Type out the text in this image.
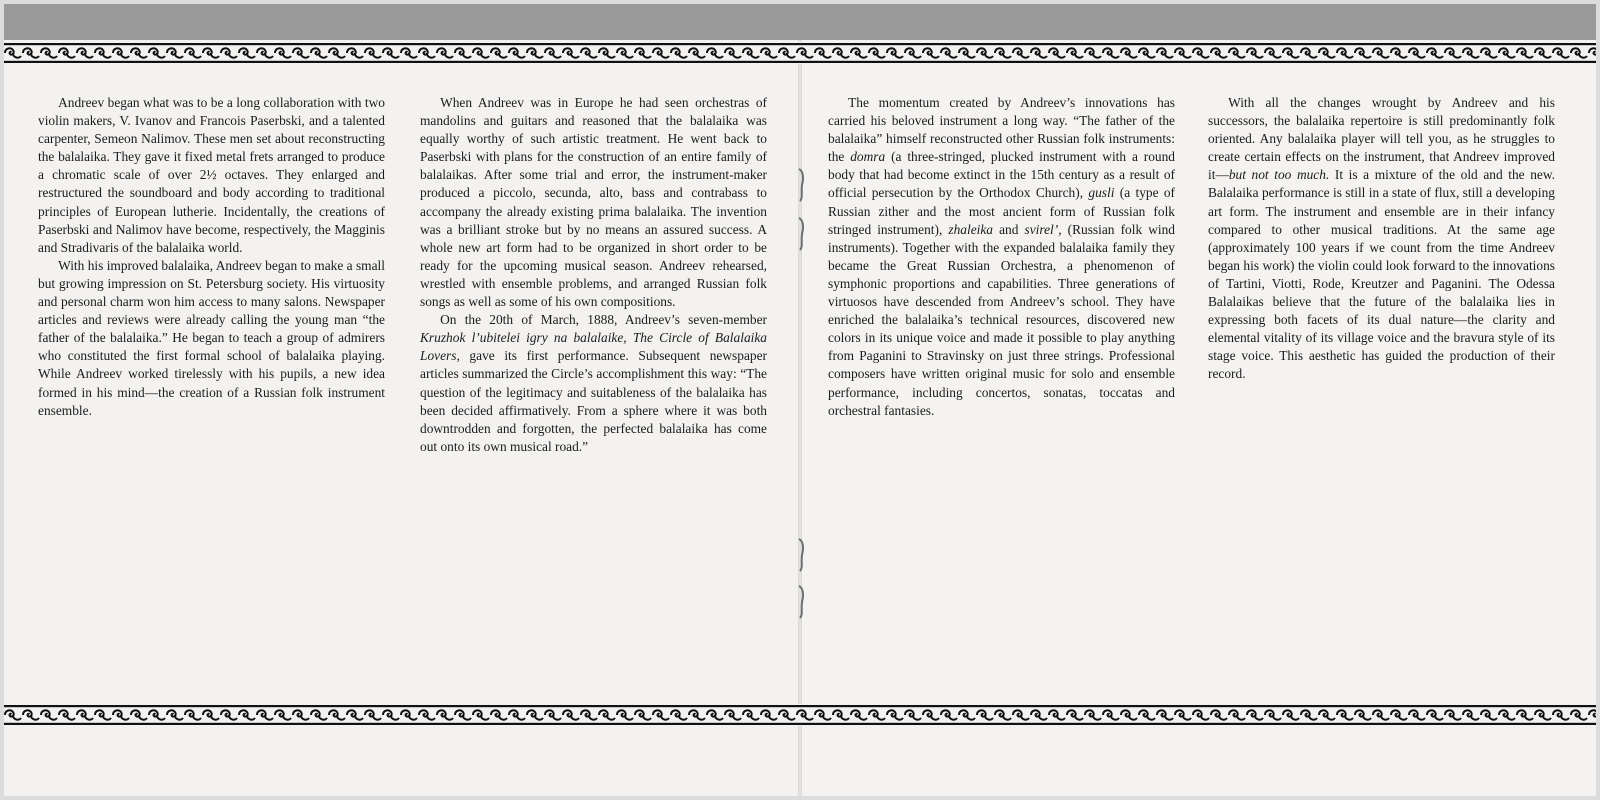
Andreev began what was to be a long collaboration with two violin makers, V. Ivanov and Francois Paserbski, and a talented carpenter, Semeon Nalimov. These men set about reconstructing the balalaika. They gave it fixed metal frets arranged to produce a chromatic scale of over 2½ octaves. They enlarged and restructured the soundboard and body according to traditional principles of European lutherie. Incidentally, the creations of Paserbski and Nalimov have become, respectively, the Magginis and Stradivaris of the balalaika world.

With his improved balalaika, Andreev began to make a small but growing impression on St. Petersburg society. His virtuosity and personal charm won him access to many salons. Newspaper articles and reviews were already calling the young man “the father of the balalaika.” He began to teach a group of admirers who constituted the first formal school of balalaika playing. While Andreev worked tirelessly with his pupils, a new idea formed in his mind—the creation of a Russian folk instrument ensemble.

When Andreev was in Europe he had seen orchestras of mandolins and guitars and reasoned that the balalaika was equally worthy of such artistic treatment. He went back to Paserbski with plans for the construction of an entire family of balalaikas. After some trial and error, the instrument-maker produced a piccolo, secunda, alto, bass and contrabass to accompany the already existing prima balalaika. The invention was a brilliant stroke but by no means an assured success. A whole new art form had to be organized in short order to be ready for the upcoming musical season. Andreev rehearsed, wrestled with ensemble problems, and arranged Russian folk songs as well as some of his own compositions.

On the 20th of March, 1888, Andreev’s seven-member Kruzhok l’ubitelei igry na balalaike, The Circle of Balalaika Lovers, gave its first performance. Subsequent newspaper articles summarized the Circle’s accomplishment this way: “The question of the legitimacy and suitableness of the balalaika has been decided affirmatively. From a sphere where it was both downtrodden and forgotten, the perfected balalaika has come out onto its own musical road.”

The momentum created by Andreev’s innovations has carried his beloved instrument a long way. “The father of the balalaika” himself reconstructed other Russian folk instruments: the domra (a three-stringed, plucked instrument with a round body that had become extinct in the 15th century as a result of official persecution by the Orthodox Church), gusli (a type of Russian zither and the most ancient form of Russian folk stringed instrument), zhaleika and svirel’, (Russian folk wind instruments). Together with the expanded balalaika family they became the Great Russian Orchestra, a phenomenon of symphonic proportions and capabilities. Three generations of virtuosos have descended from Andreev’s school. They have enriched the balalaika’s technical resources, discovered new colors in its unique voice and made it possible to play anything from Paganini to Stravinsky on just three strings. Professional composers have written original music for solo and ensemble performance, including concertos, sonatas, toccatas and orchestral fantasies.

With all the changes wrought by Andreev and his successors, the balalaika repertoire is still predominantly folk oriented. Any balalaika player will tell you, as he struggles to create certain effects on the instrument, that Andreev improved it—but not too much. It is a mixture of the old and the new. Balalaika performance is still in a state of flux, still a developing art form. The instrument and ensemble are in their infancy compared to other musical traditions. At the same age (approximately 100 years if we count from the time Andreev began his work) the violin could look forward to the innovations of Tartini, Viotti, Rode, Kreutzer and Paganini. The Odessa Balalaikas believe that the future of the balalaika lies in expressing both facets of its dual nature—the clarity and elemental vitality of its village voice and the bravura style of its stage voice. This aesthetic has guided the production of their record.
